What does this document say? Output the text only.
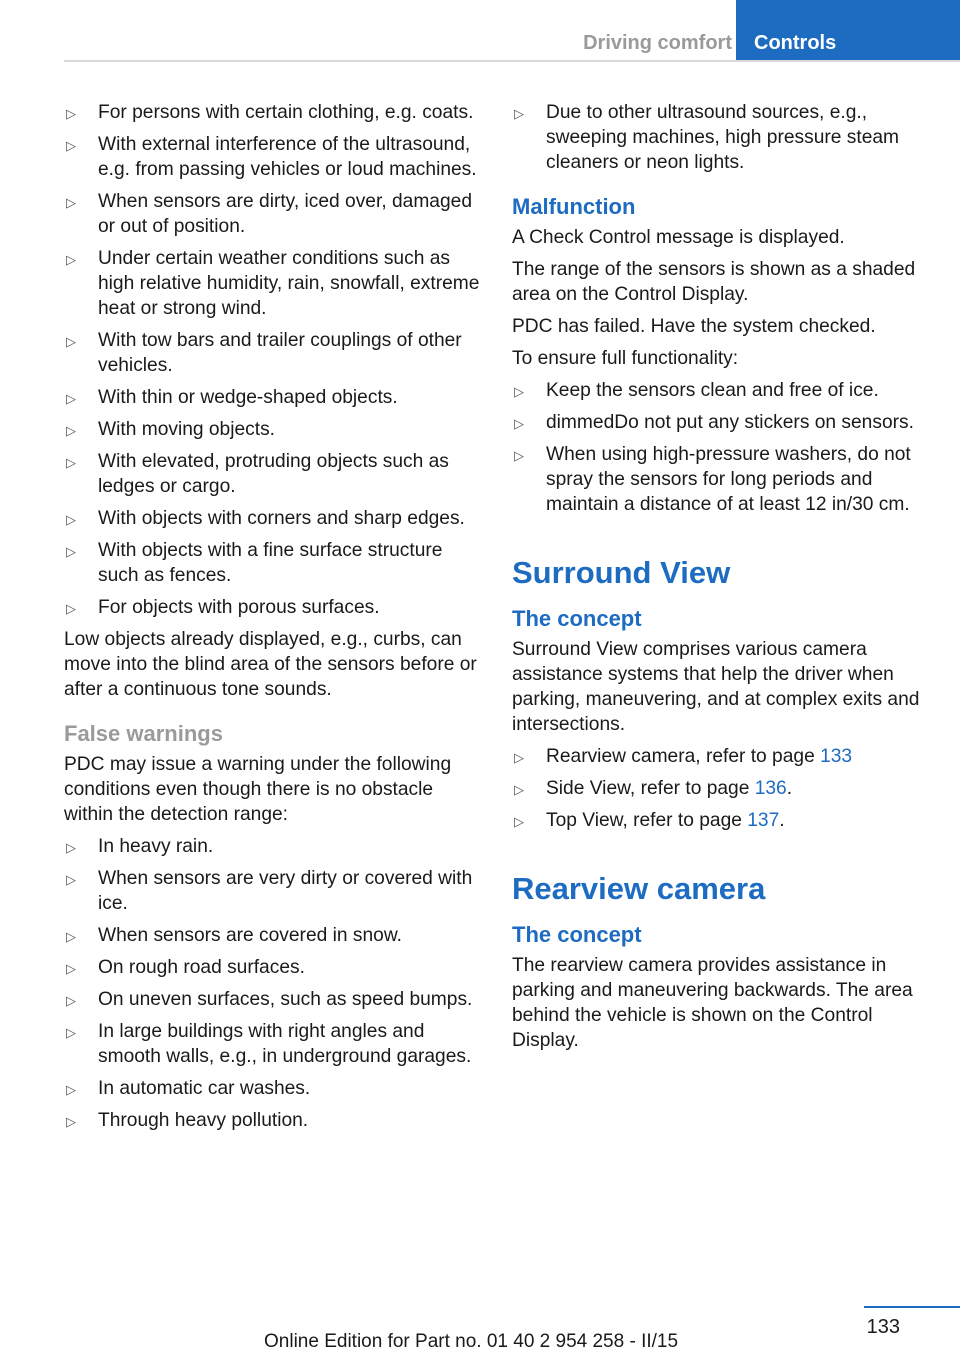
Driving comfort	Controls
▷ For persons with certain clothing, e.g. coats.
▷ With external interference of the ultrasound, e.g. from passing vehicles or loud machines.
▷ When sensors are dirty, iced over, damaged or out of position.
▷ Under certain weather conditions such as high relative humidity, rain, snowfall, extreme heat or strong wind.
▷ With tow bars and trailer couplings of other vehicles.
▷ With thin or wedge-shaped objects.
▷ With moving objects.
▷ With elevated, protruding objects such as ledges or cargo.
▷ With objects with corners and sharp edges.
▷ With objects with a fine surface structure such as fences.
▷ For objects with porous surfaces.

Low objects already displayed, e.g., curbs, can move into the blind area of the sensors before or after a continuous tone sounds.

False warnings

PDC may issue a warning under the following conditions even though there is no obstacle within the detection range:

▷ In heavy rain.
▷ When sensors are very dirty or covered with ice.
▷ When sensors are covered in snow.
▷ On rough road surfaces.
▷ On uneven surfaces, such as speed bumps.
▷ In large buildings with right angles and smooth walls, e.g., in underground garages.
▷ In automatic car washes.
▷ Through heavy pollution.
▷ Due to other ultrasound sources, e.g., sweeping machines, high pressure steam cleaners or neon lights.
Malfunction

A Check Control message is displayed.

The range of the sensors is shown as a shaded area on the Control Display.

PDC has failed. Have the system checked.

To ensure full functionality:

▷ Keep the sensors clean and free of ice.
▷ dimmedDo not put any stickers on sensors.
▷ When using high-pressure washers, do not spray the sensors for long periods and maintain a distance of at least 12 in/30 cm.
Surround View
The concept

Surround View comprises various camera assistance systems that help the driver when parking, maneuvering, and at complex exits and intersections.

▷ Rearview camera, refer to page 133
▷ Side View, refer to page 136.
▷ Top View, refer to page 137.
Rearview camera
The concept

The rearview camera provides assistance in parking and maneuvering backwards. The area behind the vehicle is shown on the Control Display.

133
Online Edition for Part no. 01 40 2 954 258 - II/15
